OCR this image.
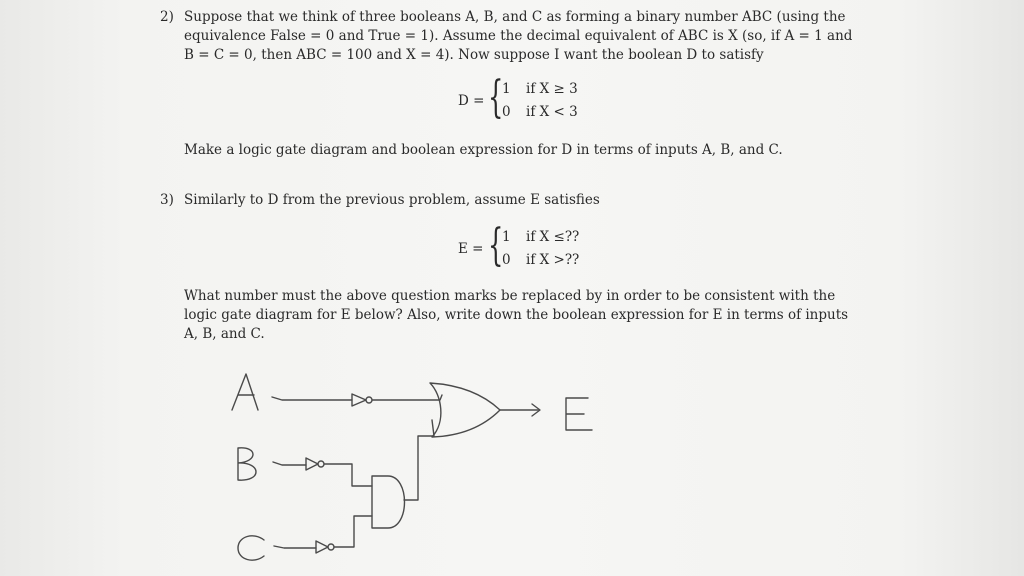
2) Suppose that we think of three booleans A, B, and C as forming a binary number ABC (using the
equivalence False = 0 and True = 1). Assume the decimal equivalent of ABC is X (so, if A = 1 and
B = C = 0, then ABC = 100 and X = 4). Now suppose I want the boolean D to satisfy
D = {
1 if X ≥ 3
0 if X < 3
Make a logic gate diagram and boolean expression for D in terms of inputs A, B, and C.
3) Similarly to D from the previous problem, assume E satisfies
E = {
1 if X ≤??
0 if X >??
What number must the above question marks be replaced by in order to be consistent with the
logic gate diagram for E below? Also, write down the boolean expression for E in terms of inputs
A, B, and C.
